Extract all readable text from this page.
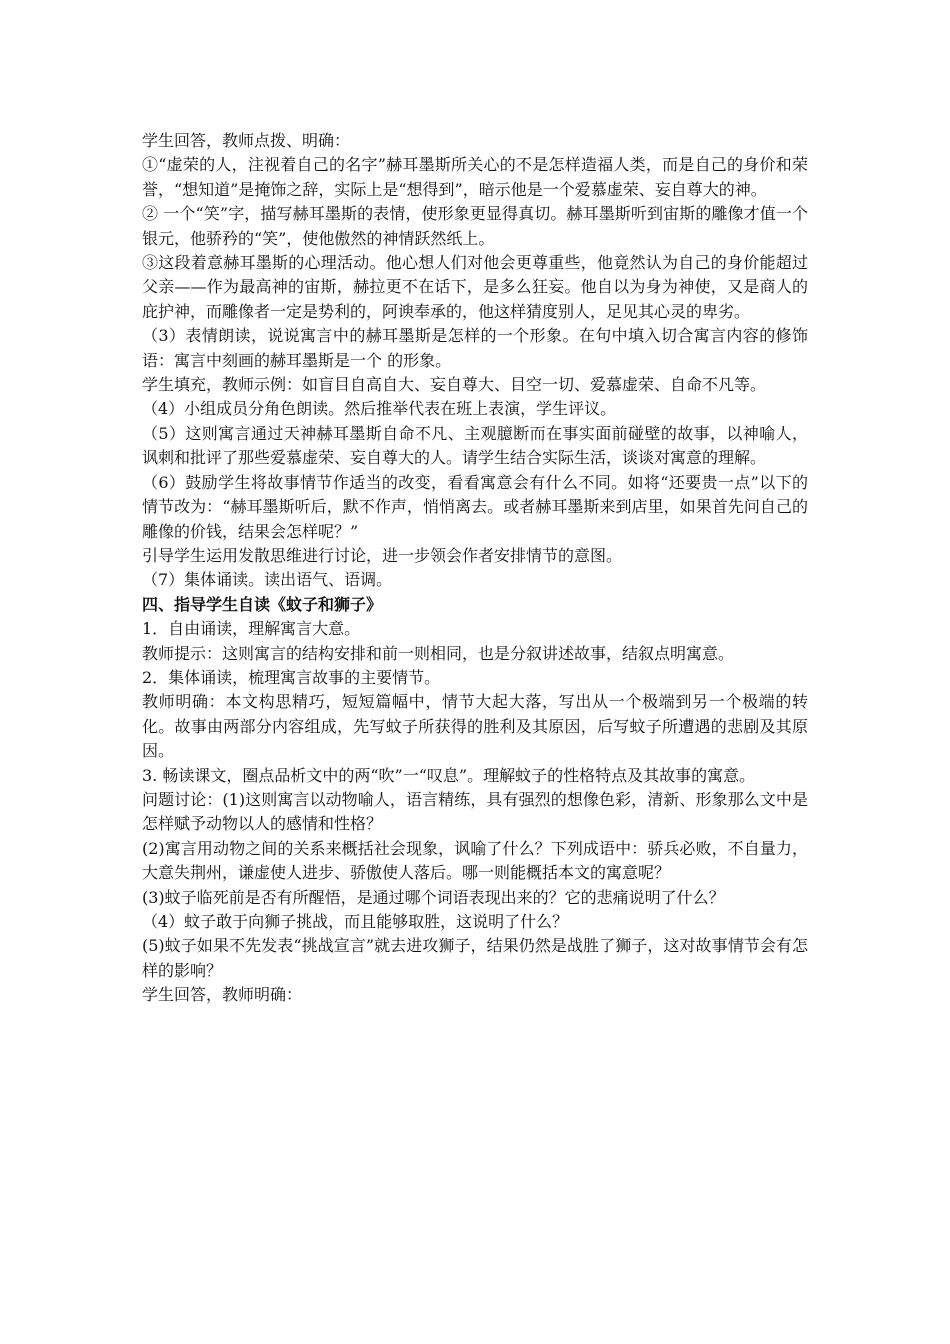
学生回答，教师点拨、明确：

①“虚荣的人，注视着自己的名字”赫耳墨斯所关心的不是怎样造福人类，而是自己的身价和荣誉，“想知道”是掩饰之辞，实际上是“想得到”，暗示他是一个爱慕虚荣、妄自尊大的神。

② 一个“笑”字，描写赫耳墨斯的表情，使形象更显得真切。赫耳墨斯听到宙斯的雕像才值一个银元，他骄矜的“笑”，使他傲然的神情跃然纸上。

③这段着意赫耳墨斯的心理活动。他心想人们对他会更尊重些，他竟然认为自己的身价能超过父亲——作为最高神的宙斯，赫拉更不在话下，是多么狂妄。他自以为身为神使，又是商人的庇护神，而雕像者一定是势利的，阿谀奉承的，他这样猜度别人，足见其心灵的卑劣。

（3）表情朗读，说说寓言中的赫耳墨斯是怎样的一个形象。在句中填入切合寓言内容的修饰语：寓言中刻画的赫耳墨斯是一个 的形象。

学生填充，教师示例：如盲目自高自大、妄自尊大、目空一切、爱慕虚荣、自命不凡等。

（4）小组成员分角色朗读。然后推举代表在班上表演，学生评议。

（5）这则寓言通过天神赫耳墨斯自命不凡、主观臆断而在事实面前碰壁的故事，以神喻人，讽刺和批评了那些爱慕虚荣、妄自尊大的人。请学生结合实际生活，谈谈对寓意的理解。

（6）鼓励学生将故事情节作适当的改变，看看寓意会有什么不同。如将“还要贵一点”以下的情节改为：“赫耳墨斯听后，默不作声，悄悄离去。或者赫耳墨斯来到店里，如果首先问自己的雕像的价钱，结果会怎样呢？”

引导学生运用发散思维进行讨论，进一步领会作者安排情节的意图。

（7）集体诵读。读出语气、语调。

四、指导学生自读《蚊子和狮子》

1．自由诵读，理解寓言大意。

教师提示：这则寓言的结构安排和前一则相同，也是分叙讲述故事，结叙点明寓意。

2．集体诵读，梳理寓言故事的主要情节。

教师明确：本文构思精巧，短短篇幅中，情节大起大落，写出从一个极端到另一个极端的转化。故事由两部分内容组成，先写蚊子所获得的胜利及其原因，后写蚊子所遭遇的悲剧及其原因。

3. 畅读课文，圈点品析文中的两“吹”一“叹息”。理解蚊子的性格特点及其故事的寓意。

问题讨论：(1)这则寓言以动物喻人，语言精练，具有强烈的想像色彩，清新、形象那么文中是怎样赋予动物以人的感情和性格？

(2)寓言用动物之间的关系来概括社会现象，讽喻了什么？下列成语中：骄兵必败，不自量力，大意失荆州，谦虚使人进步、骄傲使人落后。哪一则能概括本文的寓意呢？

(3)蚊子临死前是否有所醒悟，是通过哪个词语表现出来的？它的悲痛说明了什么？

（4）蚊子敢于向狮子挑战，而且能够取胜，这说明了什么？

(5)蚊子如果不先发表“挑战宣言”就去进攻狮子，结果仍然是战胜了狮子，这对故事情节会有怎样的影响？

学生回答，教师明确：
